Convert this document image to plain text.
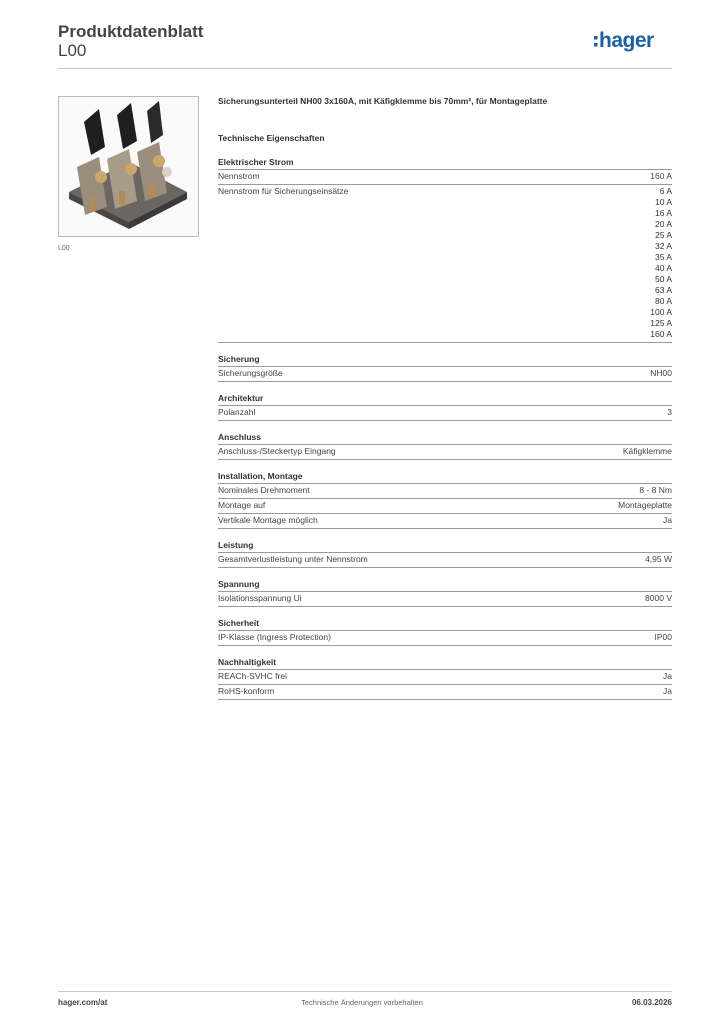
Produktdatenblatt
L00	hager
L00
Sicherungsunterteil NH00 3x160A, mit Käfigklemme bis 70mm², für Montageplatte
Technische Eigenschaften
Elektrischer Strom
Nennstrom	160 A
Nennstrom für Sicherungseinsätze	6 A
10 A
16 A
20 A
25 A
32 A
35 A
40 A
50 A
63 A
80 A
100 A
125 A
160 A
Sicherung
Sicherungsgröße	NH00
Architektur
Polanzahl	3
Anschluss
Anschluss-/Steckertyp Eingang	Käfigklemme
Installation, Montage
Nominales Drehmoment	8 - 8 Nm
Montage auf	Montageplatte
Vertikale Montage möglich	Ja
Leistung
Gesamtverlustleistung unter Nennstrom	4,95 W
Spannung
Isolationsspannung Ui	8000 V
Sicherheit
IP-Klasse (Ingress Protection)	IP00
Nachhaltigkeit
REACh-SVHC frei	Ja
RoHS-konform	Ja
hager.com/at	Technische Änderungen vorbehalten	06.03.2026
